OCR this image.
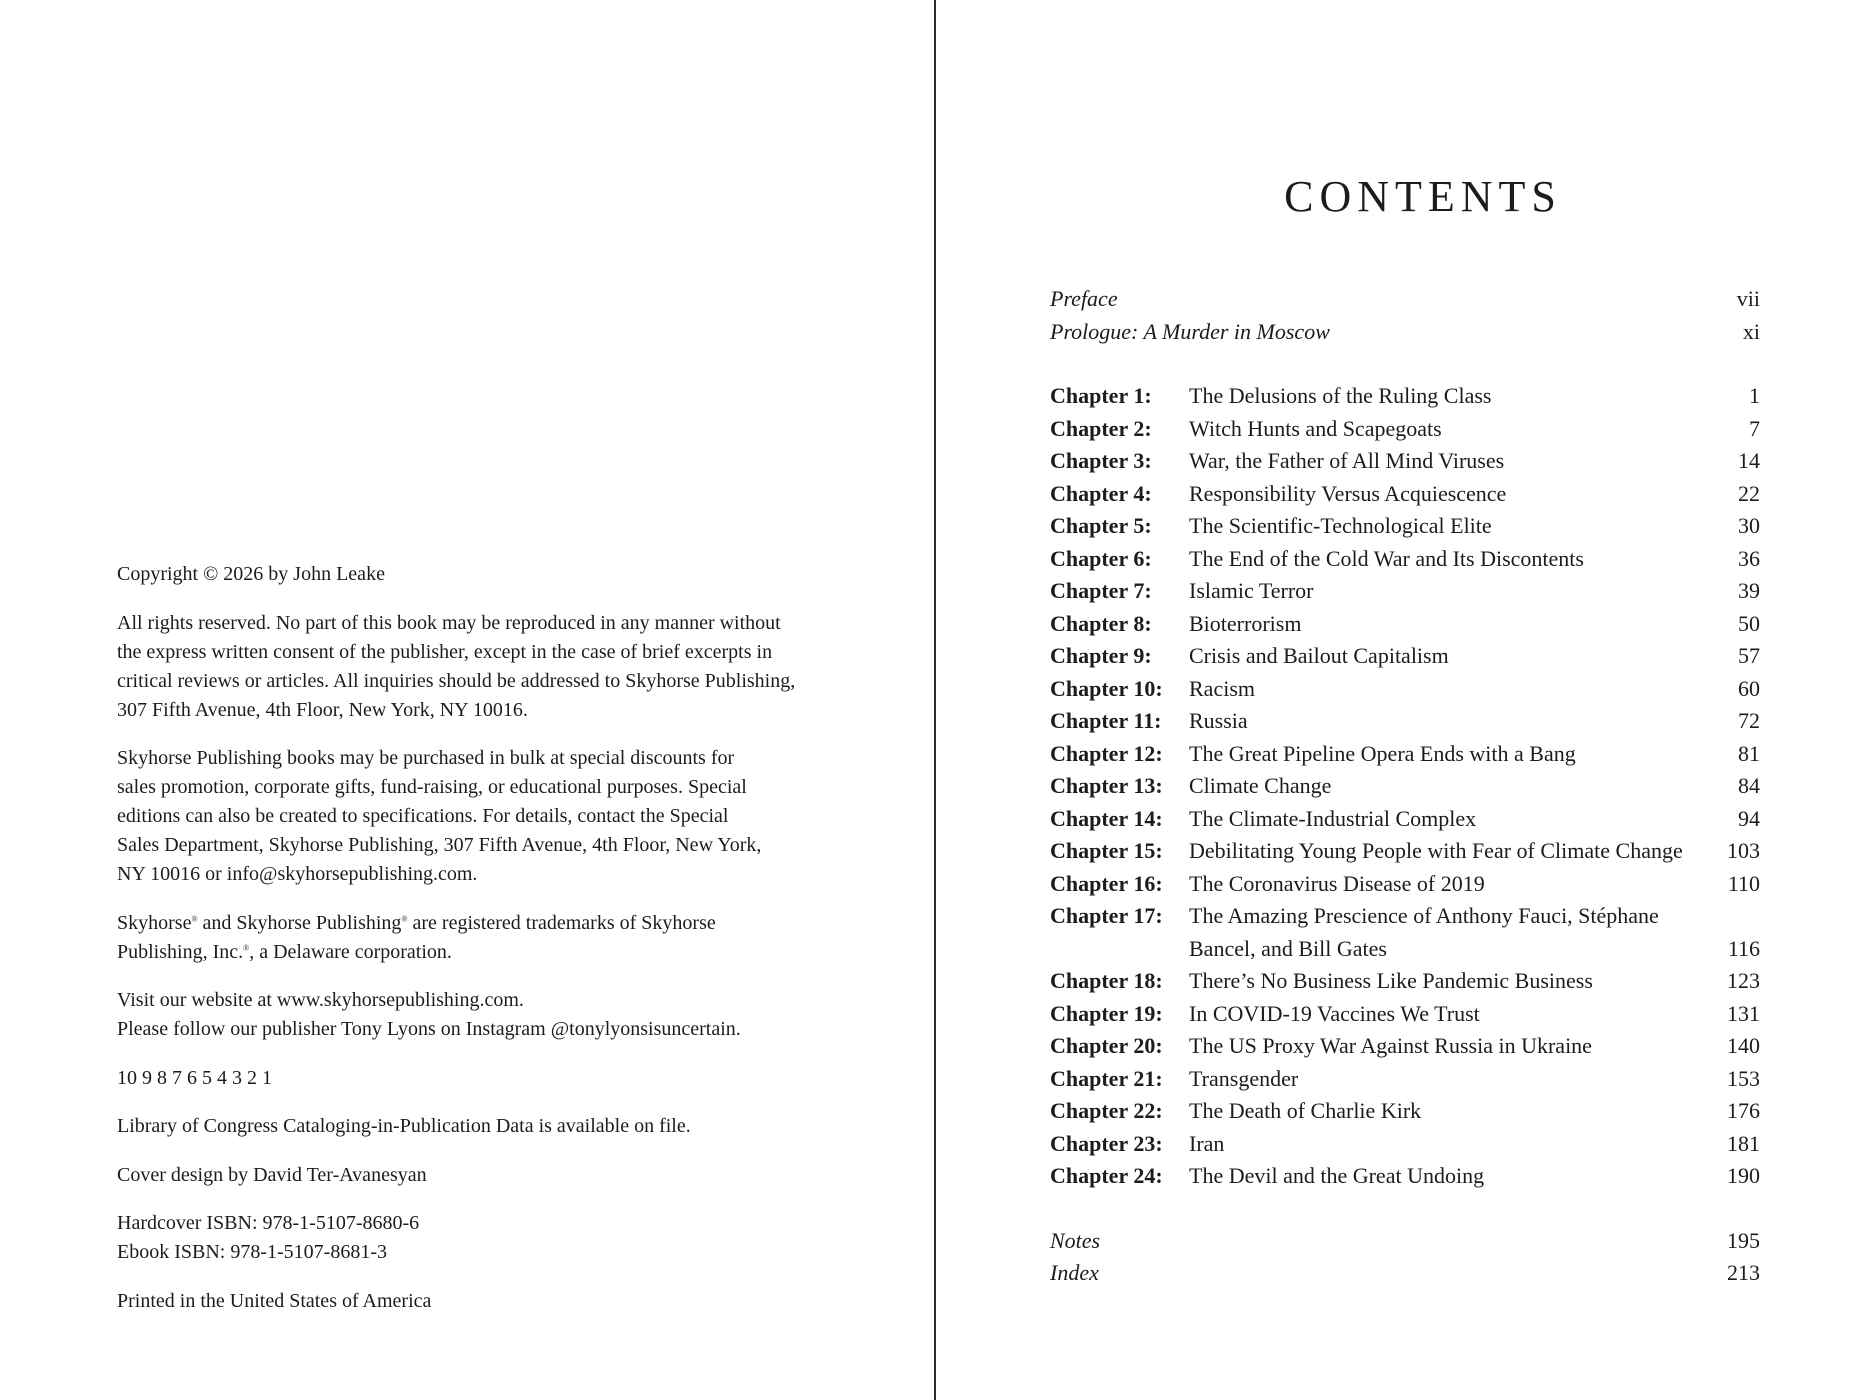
Copyright © 2026 by John Leake

All rights reserved. No part of this book may be reproduced in any manner without
the express written consent of the publisher, except in the case of brief excerpts in
critical reviews or articles. All inquiries should be addressed to Skyhorse Publishing,
307 Fifth Avenue, 4th Floor, New York, NY 10016.

Skyhorse Publishing books may be purchased in bulk at special discounts for
sales promotion, corporate gifts, fund-raising, or educational purposes. Special
editions can also be created to specifications. For details, contact the Special
Sales Department, Skyhorse Publishing, 307 Fifth Avenue, 4th Floor, New York,
NY 10016 or info@skyhorsepublishing.com.

Skyhorse® and Skyhorse Publishing® are registered trademarks of Skyhorse
Publishing, Inc.®, a Delaware corporation.

Visit our website at www.skyhorsepublishing.com.
Please follow our publisher Tony Lyons on Instagram @tonylyonsisuncertain.

10 9 8 7 6 5 4 3 2 1

Library of Congress Cataloging-in-Publication Data is available on file.

Cover design by David Ter-Avanesyan

Hardcover ISBN: 978-1-5107-8680-6
Ebook ISBN: 978-1-5107-8681-3

Printed in the United States of America

CONTENTS
Preface	vii
Prologue: A Murder in Moscow	xi
Chapter 1:	The Delusions of the Ruling Class	1
Chapter 2:	Witch Hunts and Scapegoats	7
Chapter 3:	War, the Father of All Mind Viruses	14
Chapter 4:	Responsibility Versus Acquiescence	22
Chapter 5:	The Scientific-Technological Elite	30
Chapter 6:	The End of the Cold War and Its Discontents	36
Chapter 7:	Islamic Terror	39
Chapter 8:	Bioterrorism	50
Chapter 9:	Crisis and Bailout Capitalism	57
Chapter 10:	Racism	60
Chapter 11:	Russia	72
Chapter 12:	The Great Pipeline Opera Ends with a Bang	81
Chapter 13:	Climate Change	84
Chapter 14:	The Climate-Industrial Complex	94
Chapter 15:	Debilitating Young People with Fear of Climate Change	103
Chapter 16:	The Coronavirus Disease of 2019	110
Chapter 17:	The Amazing Prescience of Anthony Fauci, Stéphane Bancel, and Bill Gates	116
Chapter 18:	There’s No Business Like Pandemic Business	123
Chapter 19:	In COVID-19 Vaccines We Trust	131
Chapter 20:	The US Proxy War Against Russia in Ukraine	140
Chapter 21:	Transgender	153
Chapter 22:	The Death of Charlie Kirk	176
Chapter 23:	Iran	181
Chapter 24:	The Devil and the Great Undoing	190
Notes	195
Index	213
